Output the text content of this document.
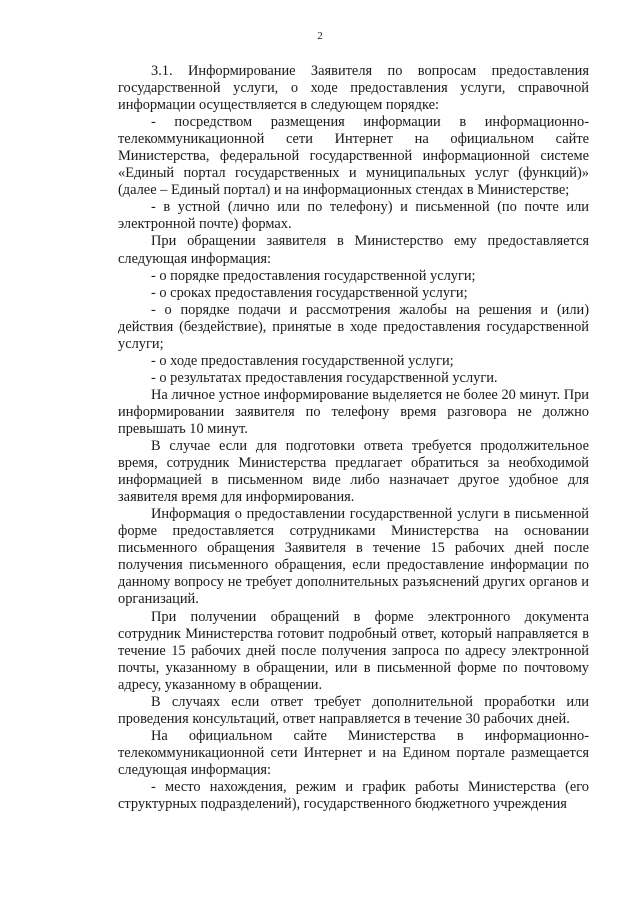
2

3.1. Информирование Заявителя по вопросам предоставления государственной услуги, о ходе предоставления услуги, справочной информации осуществляется в следующем порядке:

- посредством размещения информации в информационно-телекоммуникационной сети Интернет на официальном сайте Министерства, федеральной государственной информационной системе «Единый портал государственных и муниципальных услуг (функций)» (далее – Единый портал) и на информационных стендах в Министерстве;

- в устной (лично или по телефону) и письменной (по почте или электронной почте) формах.

При обращении заявителя в Министерство ему предоставляется следующая информация:

- о порядке предоставления государственной услуги;

- о сроках предоставления государственной услуги;

- о порядке подачи и рассмотрения жалобы на решения и (или) действия (бездействие), принятые в ходе предоставления государственной услуги;

- о ходе предоставления государственной услуги;

- о результатах предоставления государственной услуги.

На личное устное информирование выделяется не более 20 минут. При информировании заявителя по телефону время разговора не должно превышать 10 минут.

В случае если для подготовки ответа требуется продолжительное время, сотрудник Министерства предлагает обратиться за необходимой информацией в письменном виде либо назначает другое удобное для заявителя время для информирования.

Информация о предоставлении государственной услуги в письменной форме предоставляется сотрудниками Министерства на основании письменного обращения Заявителя в течение 15 рабочих дней после получения письменного обращения, если предоставление информации по данному вопросу не требует дополнительных разъяснений других органов и организаций.

При получении обращений в форме электронного документа сотрудник Министерства готовит подробный ответ, который направляется в течение 15 рабочих дней после получения запроса по адресу электронной почты, указанному в обращении, или в письменной форме по почтовому адресу, указанному в обращении.

В случаях если ответ требует дополнительной проработки или проведения консультаций, ответ направляется в течение 30 рабочих дней.

На официальном сайте Министерства в информационно-телекоммуникационной сети Интернет и на Едином портале размещается следующая информация:

- место нахождения, режим и график работы Министерства (его структурных подразделений), государственного бюджетного учреждения
